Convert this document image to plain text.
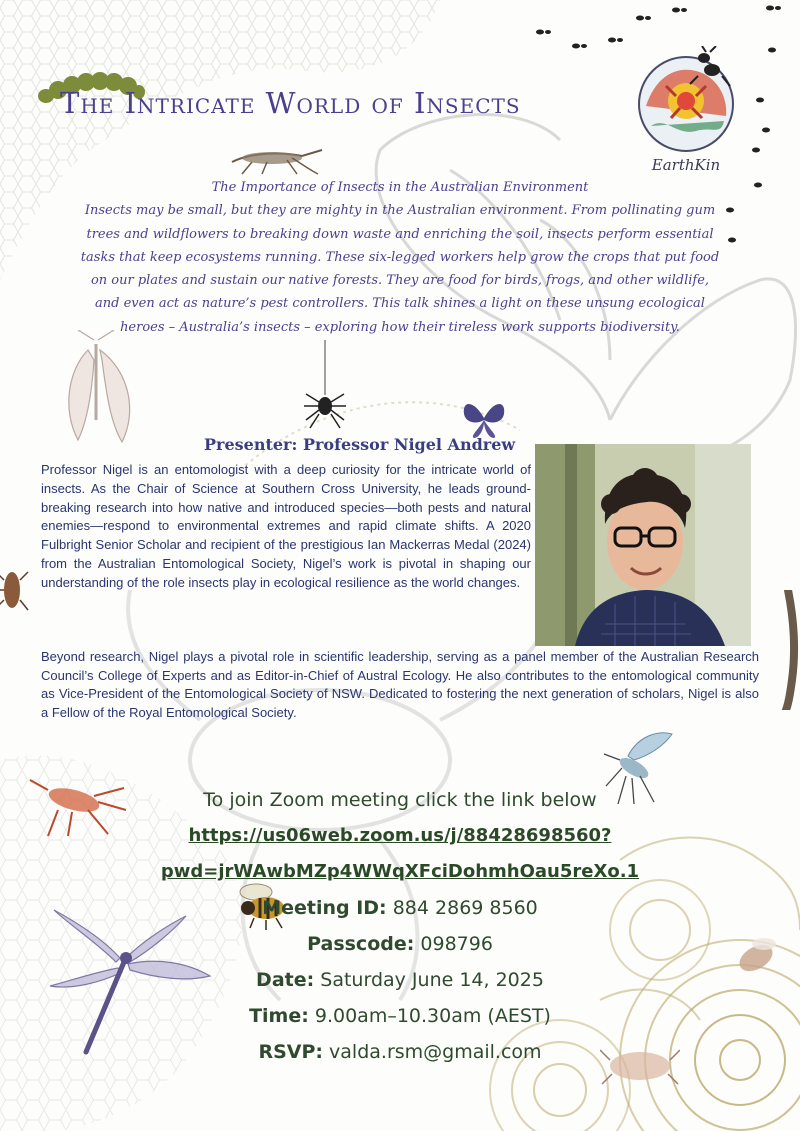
The Intricate World of Insects
EarthKin
The Importance of Insects in the Australian Environment
Insects may be small, but they are mighty in the Australian environment. From pollinating gum trees and wildflowers to breaking down waste and enriching the soil, insects perform essential tasks that keep ecosystems running. These six-legged workers help grow the crops that put food on our plates and sustain our native forests. They are food for birds, frogs, and other wildlife, and even act as nature’s pest controllers. This talk shines a light on these unsung ecological heroes – Australia’s insects – exploring how their tireless work supports biodiversity.
Presenter: Professor Nigel Andrew
Professor Nigel is an entomologist with a deep curiosity for the intricate world of insects. As the Chair of Science at Southern Cross University, he leads ground-breaking research into how native and introduced species—both pests and natural enemies—respond to environmental extremes and rapid climate shifts. A 2020 Fulbright Senior Scholar and recipient of the prestigious Ian Mackerras Medal (2024) from the Australian Entomological Society, Nigel’s work is pivotal in shaping our understanding of the role insects play in ecological resilience as the world changes.
Beyond research, Nigel plays a pivotal role in scientific leadership, serving as a panel member of the Australian Research Council’s College of Experts and as Editor-in-Chief of Austral Ecology. He also contributes to the entomological community as Vice-President of the Entomological Society of NSW. Dedicated to fostering the next generation of scholars, Nigel is also a Fellow of the Royal Entomological Society.
To join Zoom meeting click the link below
https://us06web.zoom.us/j/88428698560?
pwd=jrWAwbMZp4WWqXFciDohmhOau5reXo.1
Meeting ID: 884 2869 8560
Passcode: 098796
Date: Saturday June 14, 2025
Time: 9.00am–10.30am (AEST)
RSVP: valda.rsm@gmail.com
